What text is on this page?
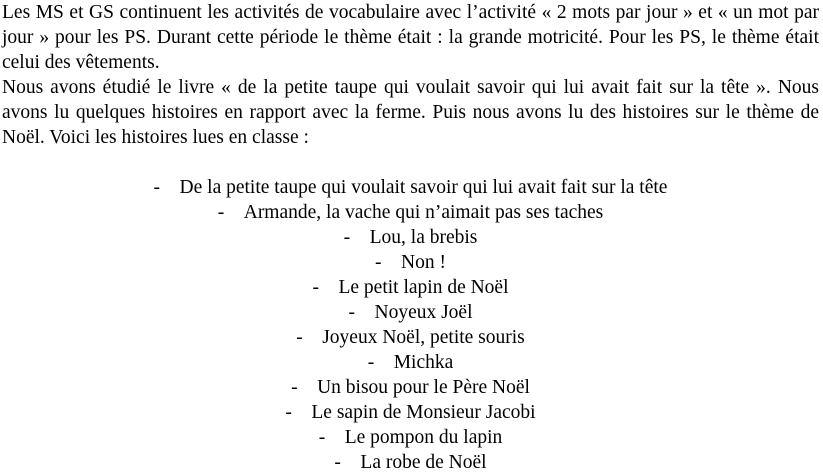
Les MS et GS continuent les activités de vocabulaire avec l’activité « 2 mots par jour » et « un mot par jour » pour les PS. Durant cette période le thème était : la grande motricité. Pour les PS, le thème était celui des vêtements.

Nous avons étudié le livre « de la petite taupe qui voulait savoir qui lui avait fait sur la tête ». Nous avons lu quelques histoires en rapport avec la ferme. Puis nous avons lu des histoires sur le thème de Noël. Voici les histoires lues en classe :

-	De la petite taupe qui voulait savoir qui lui avait fait sur la tête
-	Armande, la vache qui n’aimait pas ses taches
-	Lou, la brebis
-	Non !
-	Le petit lapin de Noël
-	Noyeux Joël
-	Joyeux Noël, petite souris
-	Michka
-	Un bisou pour le Père Noël
-	Le sapin de Monsieur Jacobi
-	Le pompon du lapin
-	La robe de Noël
